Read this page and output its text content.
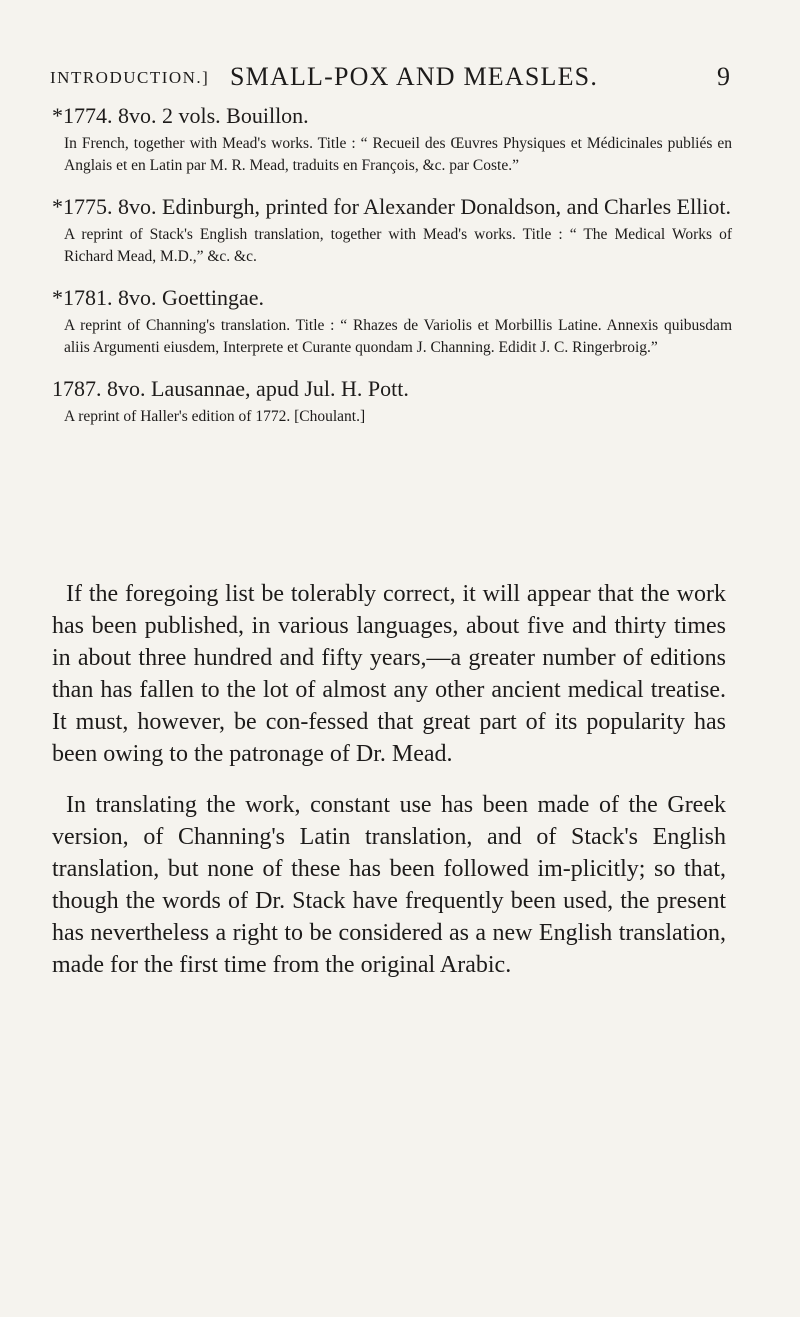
INTRODUCTION.] SMALL-POX AND MEASLES.	9

*1774. 8vo. 2 vols. Bouillon.

In French, together with Mead's works. Title : “ Recueil des Œuvres Physiques et Médicinales publiés en Anglais et en Latin par M. R. Mead, traduits en François, &c. par Coste.”

*1775. 8vo. Edinburgh, printed for Alexander Donaldson, and Charles Elliot.

A reprint of Stack's English translation, together with Mead's works. Title : “ The Medical Works of Richard Mead, M.D.,” &c. &c.

*1781. 8vo. Goettingae.

A reprint of Channing's translation. Title : “ Rhazes de Variolis et Morbillis Latine. Annexis quibusdam aliis Argumenti eiusdem, Interprete et Curante quondam J. Channing. Edidit J. C. Ringerbroig.”

1787. 8vo. Lausannae, apud Jul. H. Pott.

A reprint of Haller's edition of 1772. [Choulant.]

If the foregoing list be tolerably correct, it will appear that the work has been published, in various languages, about five and thirty times in about three hundred and fifty years,—a greater number of editions than has fallen to the lot of almost any other ancient medical treatise. It must, however, be con-fessed that great part of its popularity has been owing to the patronage of Dr. Mead.

In translating the work, constant use has been made of the Greek version, of Channing's Latin translation, and of Stack's English translation, but none of these has been followed im-plicitly; so that, though the words of Dr. Stack have frequently been used, the present has nevertheless a right to be considered as a new English translation, made for the first time from the original Arabic.
